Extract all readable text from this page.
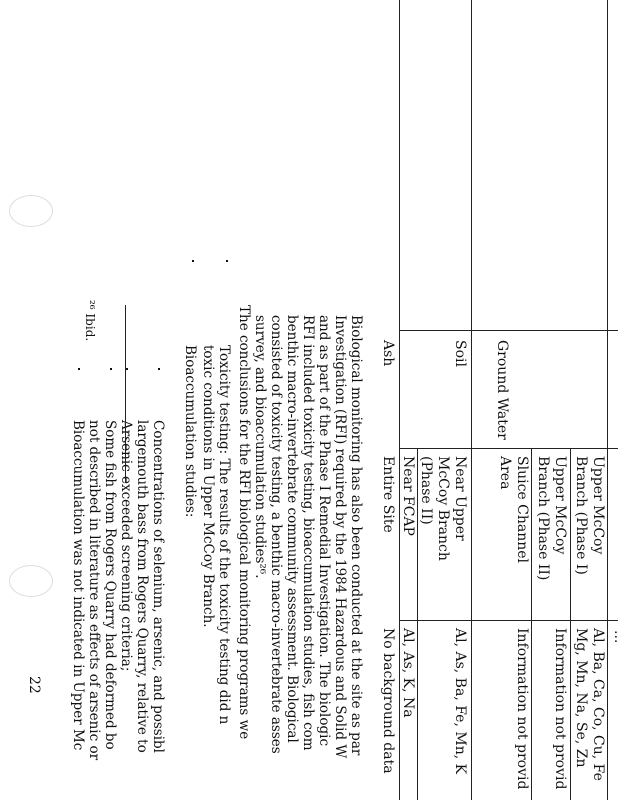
...
Ground Water
Upper McCoy
Branch (Phase I)
Al, Ba, Ca, Co, Cu, Fe
Mg, Mn, Na, Se, Zn
Upper McCoy
Branch (Phase II)
Information not provid
Sluice Channel
Area
Information not provid
Soil
Near Upper
McCoy Branch
(Phase II)
Al, As, Ba, Fe, Mn, K
Near FCAP
Al, As, K, Na
Ash
Entire Site
No background data
Biological monitoring has also been conducted at the site as par
Investigation (RFI) required by the 1984 Hazardous and Solid W
and as part of the Phase I Remedial Investigation. The biologic
RFI included toxicity testing, bioaccumulation studies, fish com
benthic macro-invertebrate community assessment. Biological
consisted of toxicity testing, a benthic macro-invertebrate asses
survey, and bioaccumulation studies²⁶.
The conclusions for the RFI biological monitoring programs we
Toxicity testing: The results of the toxicity testing did n
toxic conditions in Upper McCoy Branch.
Bioaccumulation studies:
Concentrations of selenium, arsenic, and possibl
largemouth bass from Rogers Quarry, relative to
Arsenic exceeded screening criteria;
Some fish from Rogers Quarry had deformed bo
not described in literature as effects of arsenic or
Bioaccumulation was not indicated in Upper Mc
²⁶ Ibid.
22
